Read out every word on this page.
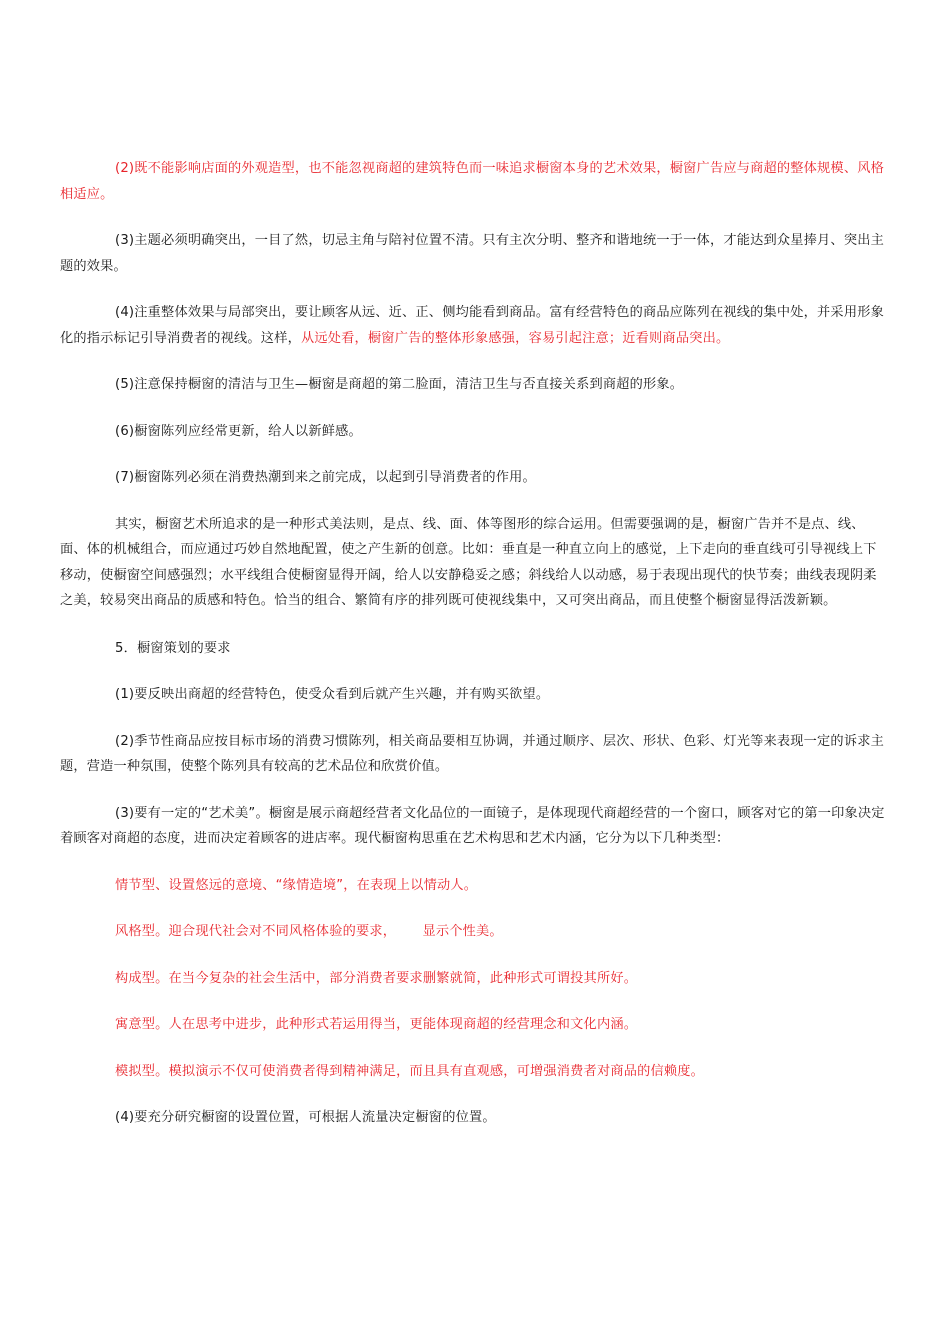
(2)既不能影响店面的外观造型，也不能忽视商超的建筑特色而一味追求橱窗本身的艺术效果，橱窗广告应与商超的整体规模、风格相适应。

(3)主题必须明确突出，一目了然，切忌主角与陪衬位置不清。只有主次分明、整齐和谐地统一于一体，才能达到众星捧月、突出主题的效果。

(4)注重整体效果与局部突出，要让顾客从远、近、正、侧均能看到商品。富有经营特色的商品应陈列在视线的集中处，并采用形象化的指示标记引导消费者的视线。这样，从远处看，橱窗广告的整体形象感强，容易引起注意；近看则商品突出。

(5)注意保持橱窗的清洁与卫生—橱窗是商超的第二脸面，清洁卫生与否直接关系到商超的形象。

(6)橱窗陈列应经常更新，给人以新鲜感。

(7)橱窗陈列必须在消费热潮到来之前完成，以起到引导消费者的作用。

其实，橱窗艺术所追求的是一种形式美法则，是点、线、面、体等图形的综合运用。但需要强调的是，橱窗广告并不是点、线、面、体的机械组合，而应通过巧妙自然地配置，使之产生新的创意。比如：垂直是一种直立向上的感觉，上下走向的垂直线可引导视线上下移动，使橱窗空间感强烈；水平线组合使橱窗显得开阔，给人以安静稳妥之感；斜线给人以动感，易于表现出现代的快节奏；曲线表现阴柔之美，较易突出商品的质感和特色。恰当的组合、繁简有序的排列既可使视线集中，又可突出商品，而且使整个橱窗显得活泼新颖。

5．橱窗策划的要求

(1)要反映出商超的经营特色，使受众看到后就产生兴趣，并有购买欲望。

(2)季节性商品应按目标市场的消费习惯陈列，相关商品要相互协调，并通过顺序、层次、形状、色彩、灯光等来表现一定的诉求主题，营造一种氛围，使整个陈列具有较高的艺术品位和欣赏价值。

(3)要有一定的“艺术美”。橱窗是展示商超经营者文化品位的一面镜子，是体现现代商超经营的一个窗口，顾客对它的第一印象决定着顾客对商超的态度，进而决定着顾客的进店率。现代橱窗构思重在艺术构思和艺术内涵，它分为以下几种类型：

情节型、设置悠远的意境、“缘情造境”，在表现上以情动人。

风格型。迎合现代社会对不同风格体验的要求，      显示个性美。

构成型。在当今复杂的社会生活中，部分消费者要求删繁就简，此种形式可谓投其所好。

寓意型。人在思考中进步，此种形式若运用得当，更能体现商超的经营理念和文化内涵。

模拟型。模拟演示不仅可使消费者得到精神满足，而且具有直观感，可增强消费者对商品的信赖度。

(4)要充分研究橱窗的设置位置，可根据人流量决定橱窗的位置。
